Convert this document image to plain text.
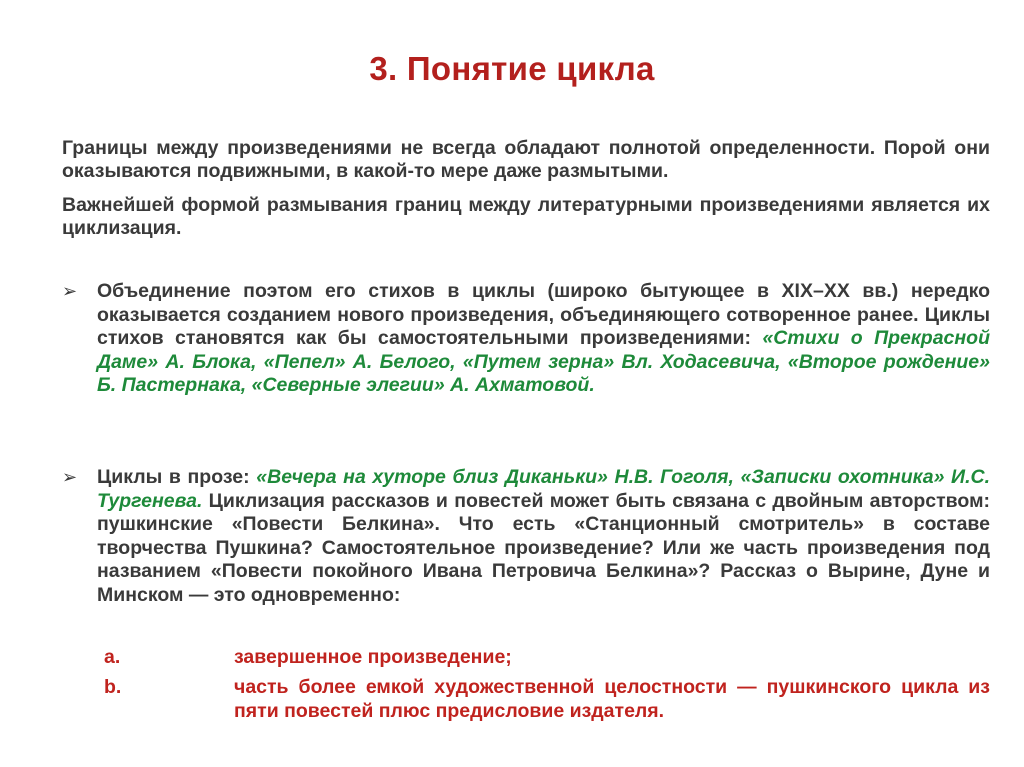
3. Понятие цикла
Границы между произведениями не всегда обладают полнотой определенности. Порой они оказываются подвижными, в какой-то мере даже размытыми.
Важнейшей формой размывания границ между литературными произведениями является их циклизация.
➢	Объединение поэтом его стихов в циклы (широко бытующее в XIX–XX вв.) нередко оказывается созданием нового произведения, объединяющего сотворенное ранее. Циклы стихов становятся как бы самостоятельными произведениями: «Стихи о Прекрасной Даме» А. Блока, «Пепел» А. Белого, «Путем зерна» Вл. Ходасевича, «Второе рождение» Б. Пастернака, «Северные элегии» А. Ахматовой.
➢	Циклы в прозе: «Вечера на хуторе близ Диканьки» Н.В. Гоголя, «Записки охотника» И.С. Тургенева. Циклизация рассказов и повестей может быть связана с двойным авторством: пушкинские «Повести Белкина». Что есть «Станционный смотритель» в составе творчества Пушкина? Самостоятельное произведение? Или же часть произведения под названием «Повести покойного Ивана Петровича Белкина»? Рассказ о Вырине, Дуне и Минском — это одновременно:
a.	завершенное произведение;
b.	часть более емкой художественной целостности — пушкинского цикла из пяти повестей плюс предисловие издателя.
